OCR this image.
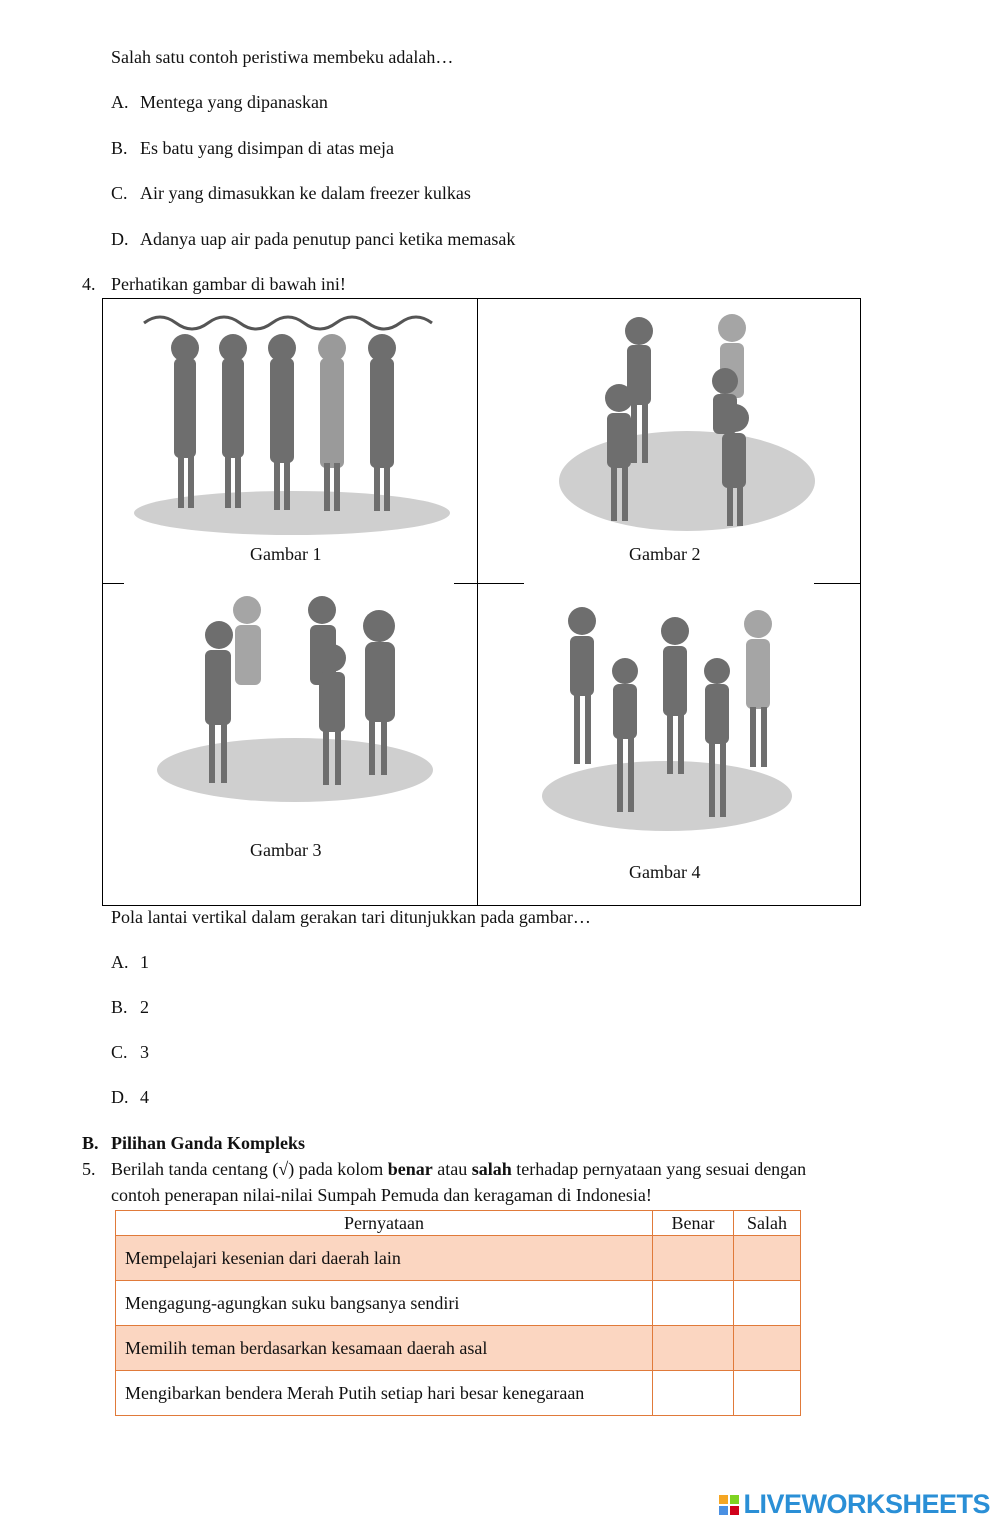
Salah satu contoh peristiwa membeku adalah…
A. Mentega yang dipanaskan
B. Es batu yang disimpan di atas meja
C. Air yang dimasukkan ke dalam freezer kulkas
D. Adanya uap air pada penutup panci ketika memasak
4. Perhatikan gambar di bawah ini!
Gambar 1	Gambar 2
Gambar 3
Gambar 4
Pola lantai vertikal dalam gerakan tari ditunjukkan pada gambar…
A. 1
B. 2
C. 3
D. 4
B. Pilihan Ganda Kompleks
5. Berilah tanda centang (√) pada kolom benar atau salah terhadap pernyataan yang sesuai dengan
contoh penerapan nilai-nilai Sumpah Pemuda dan keragaman di Indonesia!
Pernyataan	Benar	Salah
Mempelajari kesenian dari daerah lain		
Mengagung-agungkan suku bangsanya sendiri		
Memilih teman berdasarkan kesamaan daerah asal		
Mengibarkan bendera Merah Putih setiap hari besar kenegaraan		
LIVEWORKSHEETS
